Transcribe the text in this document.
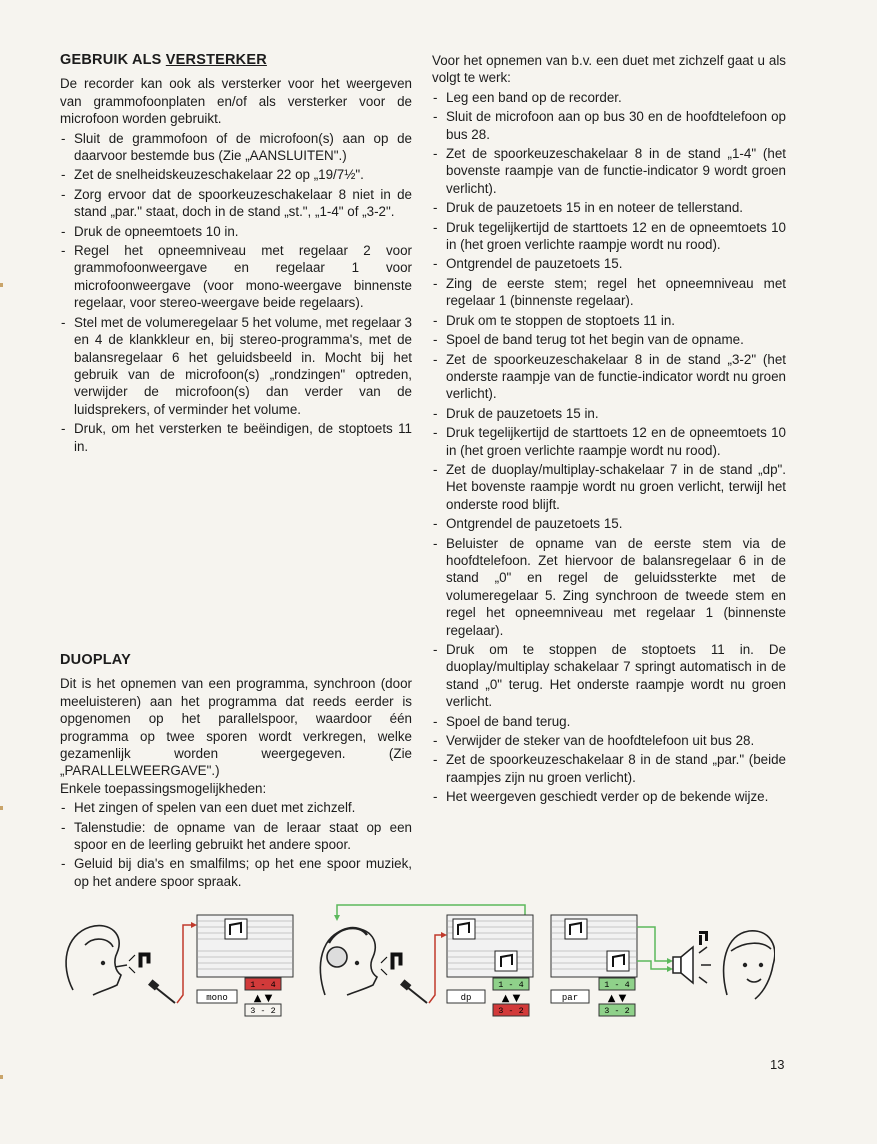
GEBRUIK ALS VERSTERKER

De recorder kan ook als versterker voor het weergeven van grammofoonplaten en/of als versterker voor de microfoon worden gebruikt.

- Sluit de grammofoon of de microfoon(s) aan op de daarvoor bestemde bus (Zie „AANSLUITEN".)
- Zet de snelheidskeuzeschakelaar 22 op „19/7½".
- Zorg ervoor dat de spoorkeuzeschakelaar 8 niet in de stand „par." staat, doch in de stand „st.", „1-4" of „3-2".
- Druk de opneemtoets 10 in.
- Regel het opneemniveau met regelaar 2 voor grammofoonweergave en regelaar 1 voor microfoonweergave (voor mono-weergave binnenste regelaar, voor stereo-weergave beide regelaars).
- Stel met de volumeregelaar 5 het volume, met regelaar 3 en 4 de klankkleur en, bij stereo-programma's, met de balansregelaar 6 het geluidsbeeld in. Mocht bij het gebruik van de microfoon(s) „rondzingen" optreden, verwijder de microfoon(s) dan verder van de luidsprekers, of verminder het volume.
- Druk, om het versterken te beëindigen, de stoptoets 11 in.
DUOPLAY

Dit is het opnemen van een programma, synchroon (door meeluisteren) aan het programma dat reeds eerder is opgenomen op het parallelspoor, waardoor één programma op twee sporen wordt verkregen, welke gezamenlijk worden weergegeven. (Zie „PARALLELWEERGAVE".)

Enkele toepassingsmogelijkheden:

- Het zingen of spelen van een duet met zichzelf.
- Talenstudie: de opname van de leraar staat op een spoor en de leerling gebruikt het andere spoor.
- Geluid bij dia's en smalfilms; op het ene spoor muziek, op het andere spoor spraak.

Voor het opnemen van b.v. een duet met zichzelf gaat u als volgt te werk:

- Leg een band op de recorder.
- Sluit de microfoon aan op bus 30 en de hoofdtelefoon op bus 28.
- Zet de spoorkeuzeschakelaar 8 in de stand „1-4" (het bovenste raampje van de functie-indicator 9 wordt groen verlicht).
- Druk de pauzetoets 15 in en noteer de tellerstand.
- Druk tegelijkertijd de starttoets 12 en de opneemtoets 10 in (het groen verlichte raampje wordt nu rood).
- Ontgrendel de pauzetoets 15.
- Zing de eerste stem; regel het opneemniveau met regelaar 1 (binnenste regelaar).
- Druk om te stoppen de stoptoets 11 in.
- Spoel de band terug tot het begin van de opname.
- Zet de spoorkeuzeschakelaar 8 in de stand „3-2" (het onderste raampje van de functie-indicator wordt nu groen verlicht).
- Druk de pauzetoets 15 in.
- Druk tegelijkertijd de starttoets 12 en de opneemtoets 10 in (het groen verlichte raampje wordt nu rood).
- Zet de duoplay/multiplay-schakelaar 7 in de stand „dp". Het bovenste raampje wordt nu groen verlicht, terwijl het onderste rood blijft.
- Ontgrendel de pauzetoets 15.
- Beluister de opname van de eerste stem via de hoofdtelefoon. Zet hiervoor de balansregelaar 6 in de stand „0" en regel de geluidssterkte met de volumeregelaar 5. Zing synchroon de tweede stem en regel het opneemniveau met regelaar 1 (binnenste regelaar).
- Druk om te stoppen de stoptoets 11 in. De duoplay/multiplay schakelaar 7 springt automatisch in de stand „0" terug. Het onderste raampje wordt nu groen verlicht.
- Spoel de band terug.
- Verwijder de steker van de hoofdtelefoon uit bus 28.
- Zet de spoorkeuzeschakelaar 8 in de stand „par." (beide raampjes zijn nu groen verlicht).
- Het weergeven geschiedt verder op de bekende wijze.
mono
1 - 4
▲ ▼
3 - 2
dp
1 - 4
▲ ▼
3 - 2
par
1 - 4
▲ ▼
3 - 2
13
